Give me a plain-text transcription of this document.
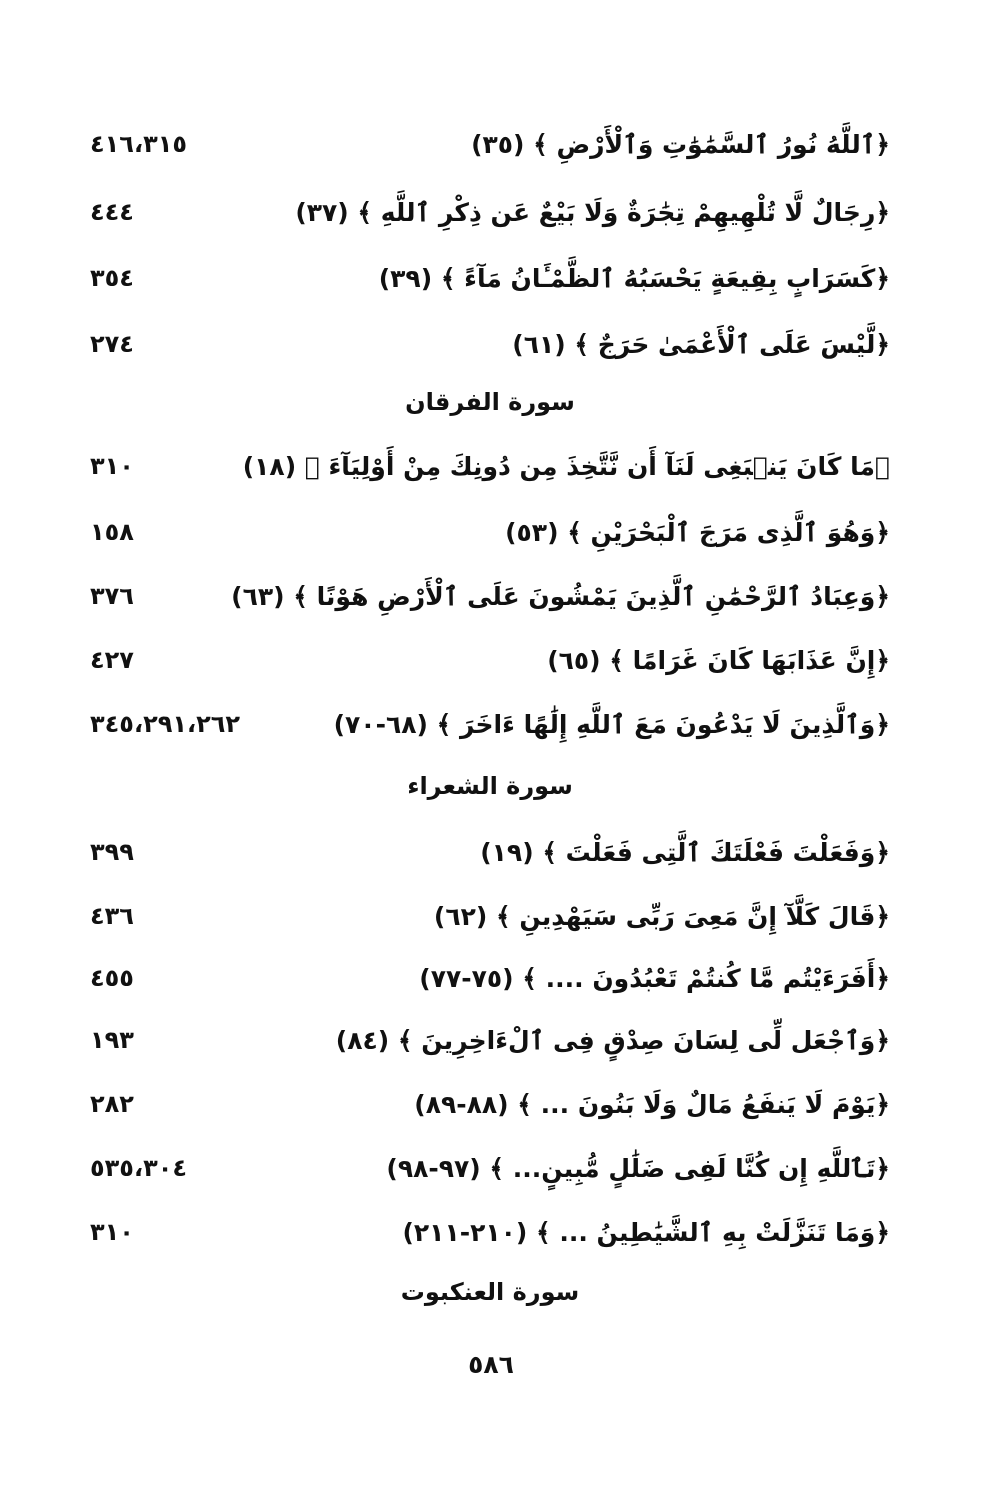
٤١٦،٣١٥	﴿ٱللَّهُ نُورُ ٱلسَّمَٰوَٰتِ وَٱلْأَرْضِ ﴾ (٣٥)
٤٤٤	﴿رِجَالٌ لَّا تُلْهِيهِمْ تِجَٰرَةٌ وَلَا بَيْعٌ عَن ذِكْرِ ٱللَّهِ ﴾ (٣٧)
٣٥٤	﴿كَسَرَابٍ بِقِيعَةٍ يَحْسَبُهُ ٱلظَّمْـَٔانُ مَآءً ﴾ (٣٩)
٢٧٤	﴿لَّيْسَ عَلَى ٱلْأَعْمَىٰ حَرَجٌ ﴾ (٦١)
سورة الفرقان
٣١٠	﴿مَا كَانَ يَنۢبَغِى لَنَآ أَن نَّتَّخِذَ مِن دُونِكَ مِنْ أَوْلِيَآءَ ﴾ (١٨)
١٥٨	﴿وَهُوَ ٱلَّذِى مَرَجَ ٱلْبَحْرَيْنِ ﴾ (٥٣)
٣٧٦	﴿وَعِبَادُ ٱلرَّحْمَٰنِ ٱلَّذِينَ يَمْشُونَ عَلَى ٱلْأَرْضِ هَوْنًا ﴾ (٦٣)
٤٢٧	﴿إِنَّ عَذَابَهَا كَانَ غَرَامًا ﴾ (٦٥)
٣٤٥،٢٩١،٢٦٢	﴿وَٱلَّذِينَ لَا يَدْعُونَ مَعَ ٱللَّهِ إِلَٰهًا ءَاخَرَ ﴾ (٦٨-٧٠)
سورة الشعراء
٣٩٩	﴿وَفَعَلْتَ فَعْلَتَكَ ٱلَّتِى فَعَلْتَ ﴾ (١٩)
٤٣٦	﴿قَالَ كَلَّآ إِنَّ مَعِىَ رَبِّى سَيَهْدِينِ ﴾ (٦٢)
٤٥٥	﴿أَفَرَءَيْتُم مَّا كُنتُمْ تَعْبُدُونَ .... ﴾ (٧٥-٧٧)
١٩٣	﴿وَٱجْعَل لِّى لِسَانَ صِدْقٍ فِى ٱلْءَاخِرِينَ ﴾ (٨٤)
٢٨٢	﴿يَوْمَ لَا يَنفَعُ مَالٌ وَلَا بَنُونَ ... ﴾ (٨٨-٨٩)
٥٣٥،٣٠٤	﴿تَٱللَّهِ إِن كُنَّا لَفِى ضَلَٰلٍ مُّبِينٍ... ﴾ (٩٧-٩٨)
٣١٠	﴿وَمَا تَنَزَّلَتْ بِهِ ٱلشَّيَٰطِينُ ... ﴾ (٢١٠-٢١١)
سورة العنكبوت
٥٨٦
